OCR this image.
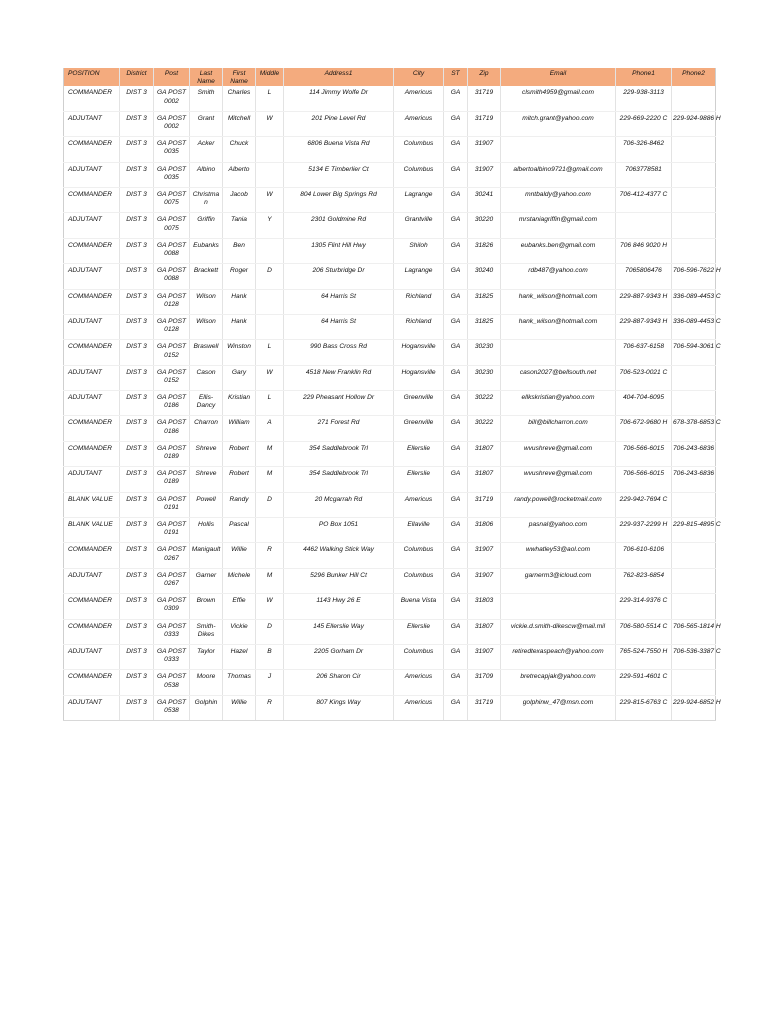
POSITION	District	Post	Last Name	First Name	Middle	Address1	City	ST	Zip	Email	Phone1	Phone2
COMMANDER	DIST 3	GA POST 0002	Smith	Charles	L	114 Jimmy Wolfe Dr	Americus	GA	31719	clsmith4959@gmail.com	229-938-3113	
ADJUTANT	DIST 3	GA POST 0002	Grant	Mitchell	W	201 Pine Level Rd	Americus	GA	31719	mitch.grant@yahoo.com	229-669-2220 C	229-924-9886 H
COMMANDER	DIST 3	GA POST 0035	Acker	Chuck		6806 Buena Vista Rd	Columbus	GA	31907		706-326-8462	
ADJUTANT	DIST 3	GA POST 0035	Albino	Alberto		5134 E Timberlier Ct	Columbus	GA	31907	albertoalbino9721@gmail.com	7063778581	
COMMANDER	DIST 3	GA POST 0075	Christman	Jacob	W	804 Lower Big Springs Rd	Lagrange	GA	30241	mntbaldy@yahoo.com	706-412-4377 C	
ADJUTANT	DIST 3	GA POST 0075	Griffin	Tania	Y	2301 Goldmine Rd	Grantville	GA	30220	mrstaniagriffin@gmail.com		
COMMANDER	DIST 3	GA POST 0088	Eubanks	Ben		1305 Flint Hill Hwy	Shiloh	GA	31826	eubanks.ben@gmail.com	706 846 9020 H	
ADJUTANT	DIST 3	GA POST 0088	Brackett	Roger	D	206 Sturbridge Dr	Lagrange	GA	30240	rdb487@yahoo.com	7065806476	706-596-7622 H
COMMANDER	DIST 3	GA POST 0128	Wilson	Hank		64 Harris St	Richland	GA	31825	hank_wilson@hotmail.com	229-887-9343 H	336-089-4453 C
ADJUTANT	DIST 3	GA POST 0128	Wilson	Hank		64 Harris St	Richland	GA	31825	hank_wilson@hotmail.com	229-887-9343 H	336-089-4453 C
COMMANDER	DIST 3	GA POST 0152	Braswell	Winston	L	990 Bass Cross Rd	Hogansville	GA	30230		706-637-6158	706-594-3061 C
ADJUTANT	DIST 3	GA POST 0152	Cason	Gary	W	4518 New Franklin Rd	Hogansville	GA	30230	cason2027@bellsouth.net	706-523-0021 C	
ADJUTANT	DIST 3	GA POST 0186	Ellis-Dancy	Kristian	L	229 Pheasant Hollow Dr	Greenville	GA	30222	ellkskristian@yahoo.com	404-704-6095	
COMMANDER	DIST 3	GA POST 0186	Charron	William	A	271 Forest Rd	Greenville	GA	30222	bill@billcharron.com	706-672-9680 H	678-378-6853 C
COMMANDER	DIST 3	GA POST 0189	Shreve	Robert	M	354 Saddlebrook Trl	Ellerslie	GA	31807	wvushreve@gmail.com	706-566-6015	706-243-6836
ADJUTANT	DIST 3	GA POST 0189	Shreve	Robert	M	354 Saddlebrook Trl	Ellerslie	GA	31807	wvushreve@gmail.com	706-566-6015	706-243-6836
BLANK VALUE	DIST 3	GA POST 0191	Powell	Randy	D	20 Mcgarrah Rd	Americus	GA	31719	randy.powell@rocketmail.com	229-942-7694 C	
BLANK VALUE	DIST 3	GA POST 0191	Hollis	Pascal		PO Box 1051	Ellaville	GA	31806	pasnal@yahoo.com	229-937-2299 H	229-815-4895 C
COMMANDER	DIST 3	GA POST 0267	Manigault	Willie	R	4462 Walking Stick Way	Columbus	GA	31907	wwhatley53@aol.com	706-610-6106	
ADJUTANT	DIST 3	GA POST 0267	Garner	Michele	M	5296 Bunker Hill Ct	Columbus	GA	31907	garnerm3@icloud.com	762-823-6854	
COMMANDER	DIST 3	GA POST 0309	Brown	Effie	W	1143 Hwy 26 E	Buena Vista	GA	31803		229-314-9376 C	
COMMANDER	DIST 3	GA POST 0333	Smith-Dikes	Vickie	D	145 Ellerslie Way	Ellerslie	GA	31807	vickie.d.smith-dikescw@mail.mil	706-580-5514 C	706-565-1814 H
ADJUTANT	DIST 3	GA POST 0333	Taylor	Hazel	B	2205 Gorham Dr	Columbus	GA	31907	retiredtexaspeach@yahoo.com	765-524-7550 H	706-536-3387 C
COMMANDER	DIST 3	GA POST 0538	Moore	Thomas	J	206 Sharon Cir	Americus	GA	31709	bretrecapjak@yahoo.com	229-591-4601 C	
ADJUTANT	DIST 3	GA POST 0538	Golphin	Willie	R	807 Kings Way	Americus	GA	31719	golphinw_47@msn.com	229-815-6763 C	229-924-6852 H
